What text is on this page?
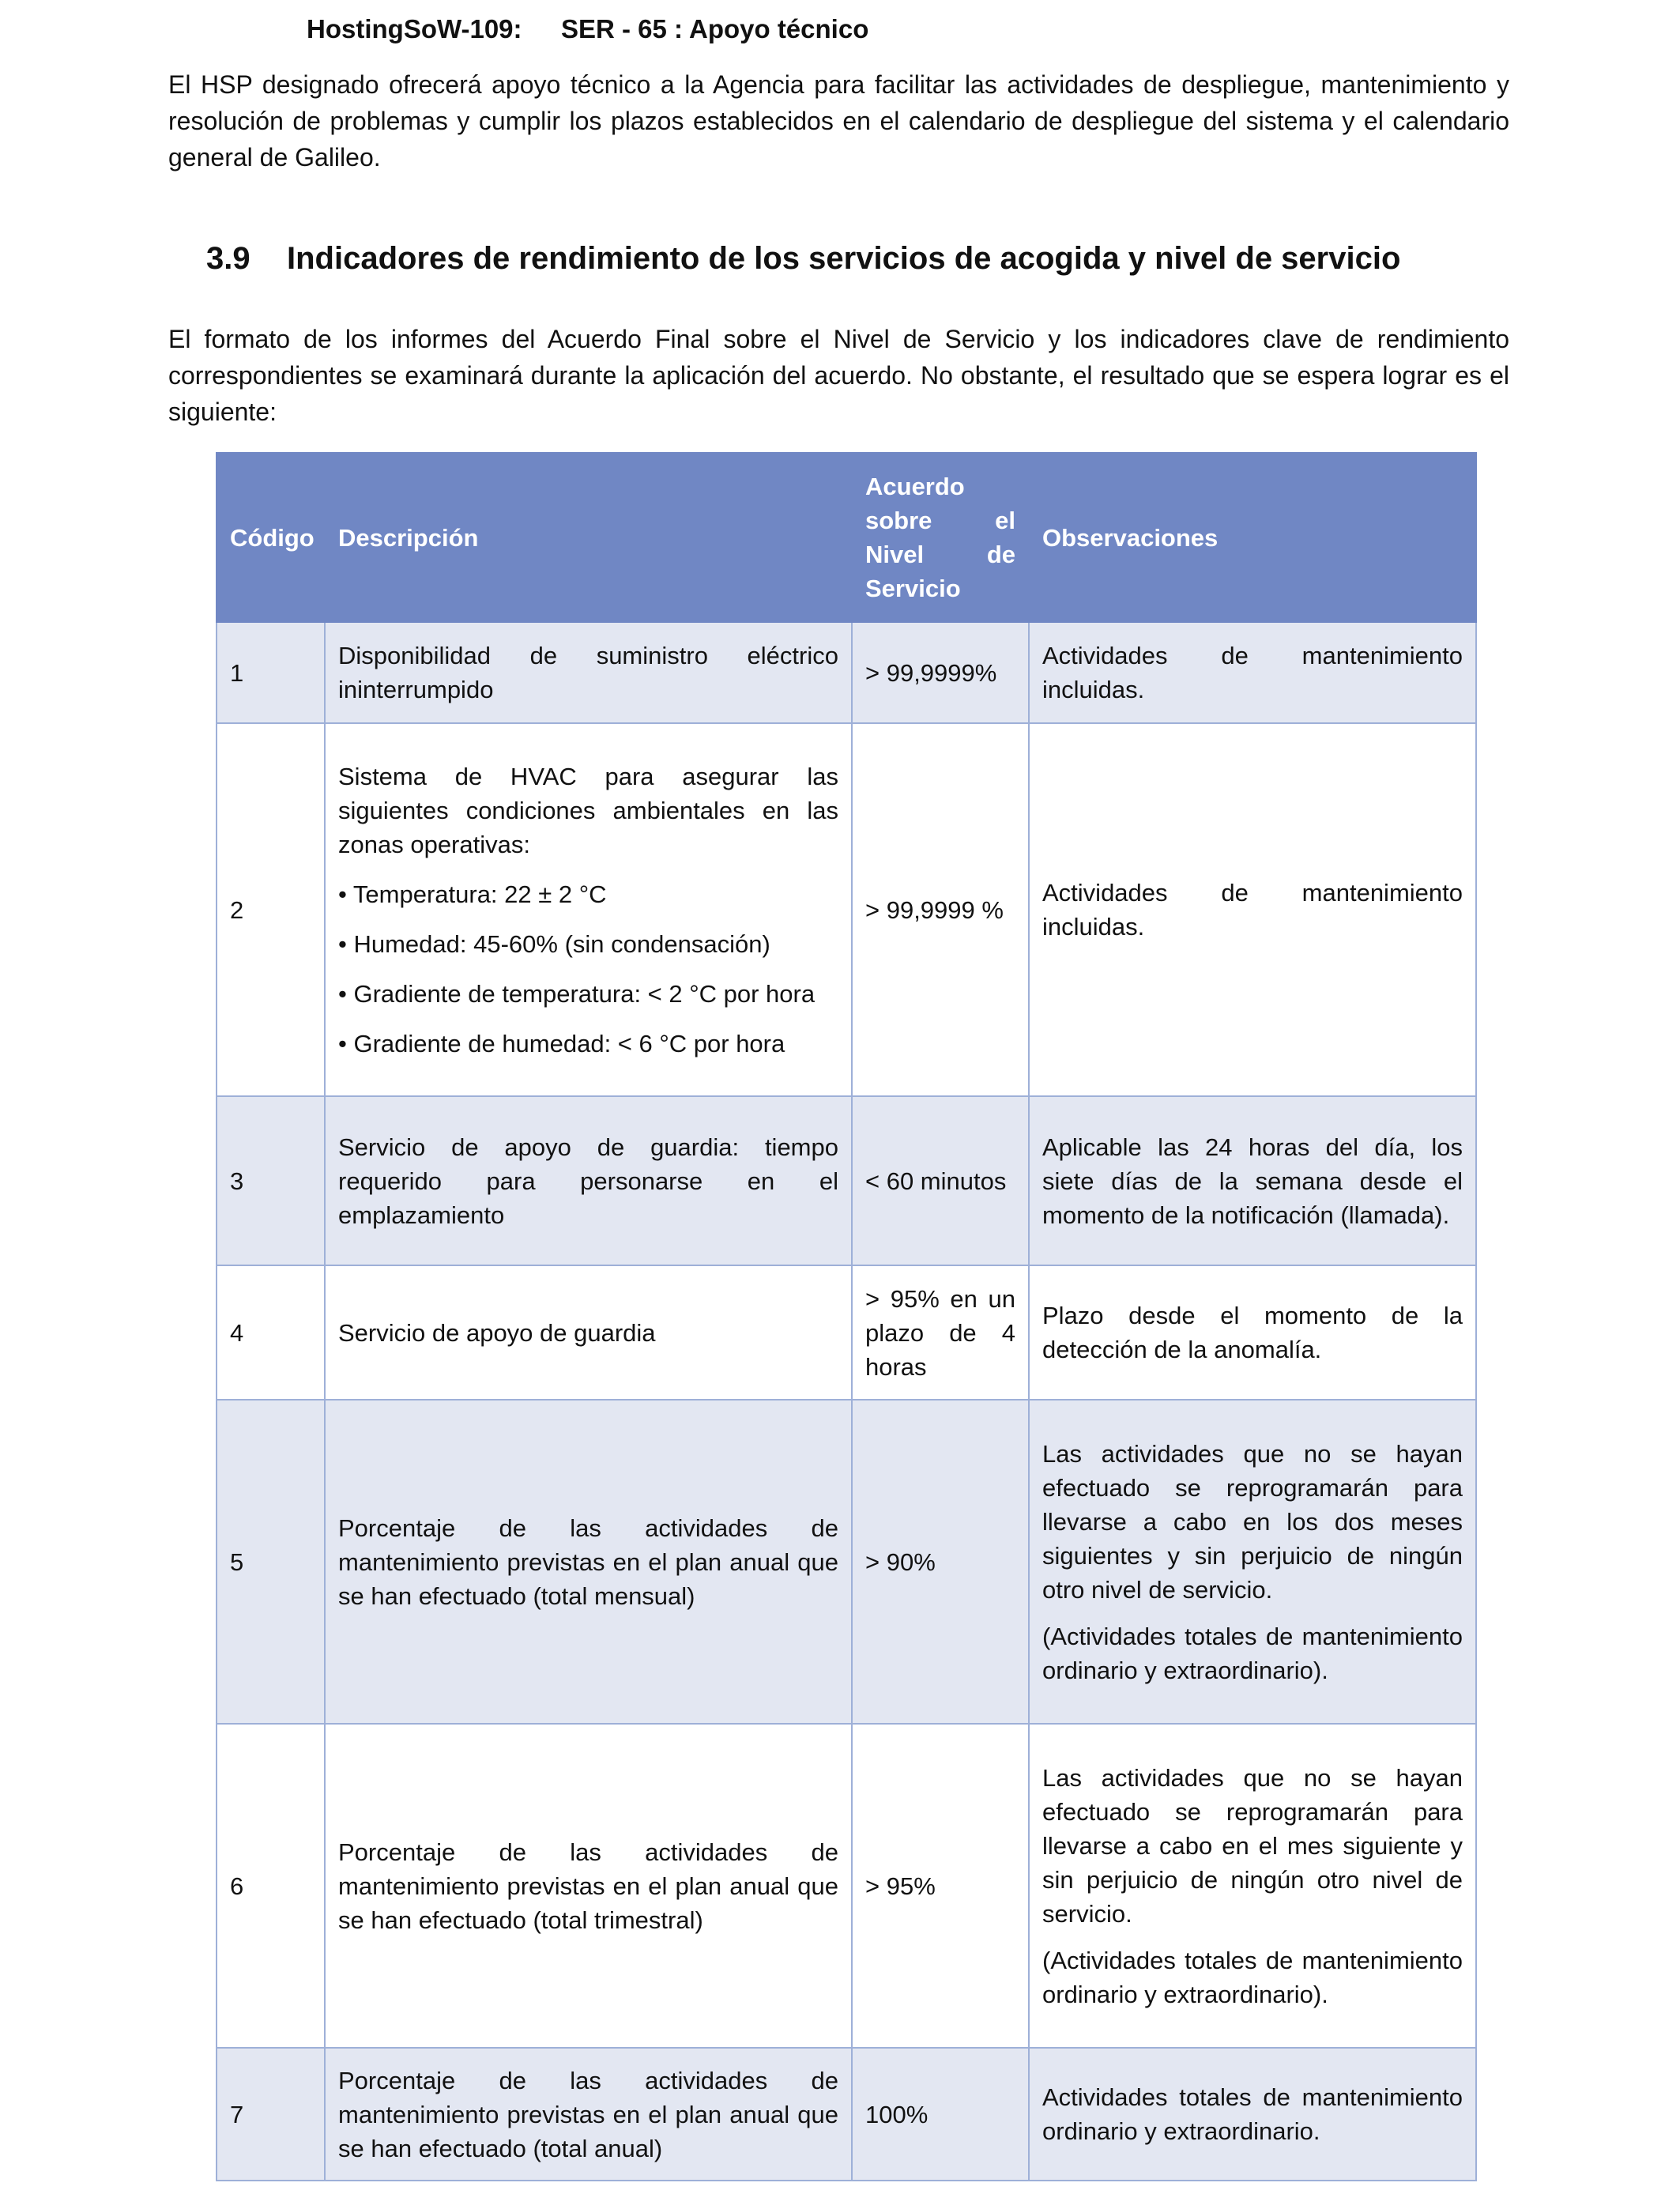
HostingSoW-109: SER - 65 : Apoyo técnico

El HSP designado ofrecerá apoyo técnico a la Agencia para facilitar las actividades de despliegue, mantenimiento y resolución de problemas y cumplir los plazos establecidos en el calendario de despliegue del sistema y el calendario general de Galileo.

3.9 Indicadores de rendimiento de los servicios de acogida y nivel de servicio

El formato de los informes del Acuerdo Final sobre el Nivel de Servicio y los indicadores clave de rendimiento correspondientes se examinará durante la aplicación del acuerdo. No obstante, el resultado que se espera lograr es el siguiente:

Código	Descripción	Acuerdo sobre el Nivel de Servicio	Observaciones
1	Disponibilidad de suministro eléctrico ininterrumpido	> 99,9999%	Actividades de mantenimiento incluidas.

2	Sistema de HVAC para asegurar las siguientes condiciones ambientales en las zonas operativas:

• Temperatura: 22 ± 2 °C

• Humedad: 45-60% (sin condensación)

• Gradiente de temperatura: < 2 °C por hora

• Gradiente de humedad: < 6 °C por hora	> 99,9999 %	Actividades de mantenimiento incluidas.

3	Servicio de apoyo de guardia: tiempo requerido para personarse en el emplazamiento	< 60 minutos	Aplicable las 24 horas del día, los siete días de la semana desde el momento de la notificación (llamada).

4	Servicio de apoyo de guardia	> 95% en un plazo de 4 horas	Plazo desde el momento de la detección de la anomalía.

5	Porcentaje de las actividades de mantenimiento previstas en el plan anual que se han efectuado (total mensual)	> 90%	Las actividades que no se hayan efectuado se reprogramarán para llevarse a cabo en los dos meses siguientes y sin perjuicio de ningún otro nivel de servicio.

(Actividades totales de mantenimiento ordinario y extraordinario).

6	Porcentaje de las actividades de mantenimiento previstas en el plan anual que se han efectuado (total trimestral)	> 95%	Las actividades que no se hayan efectuado se reprogramarán para llevarse a cabo en el mes siguiente y sin perjuicio de ningún otro nivel de servicio.

(Actividades totales de mantenimiento ordinario y extraordinario).

7	Porcentaje de las actividades de mantenimiento previstas en el plan anual que se han efectuado (total anual)	100%	Actividades totales de mantenimiento ordinario y extraordinario.
